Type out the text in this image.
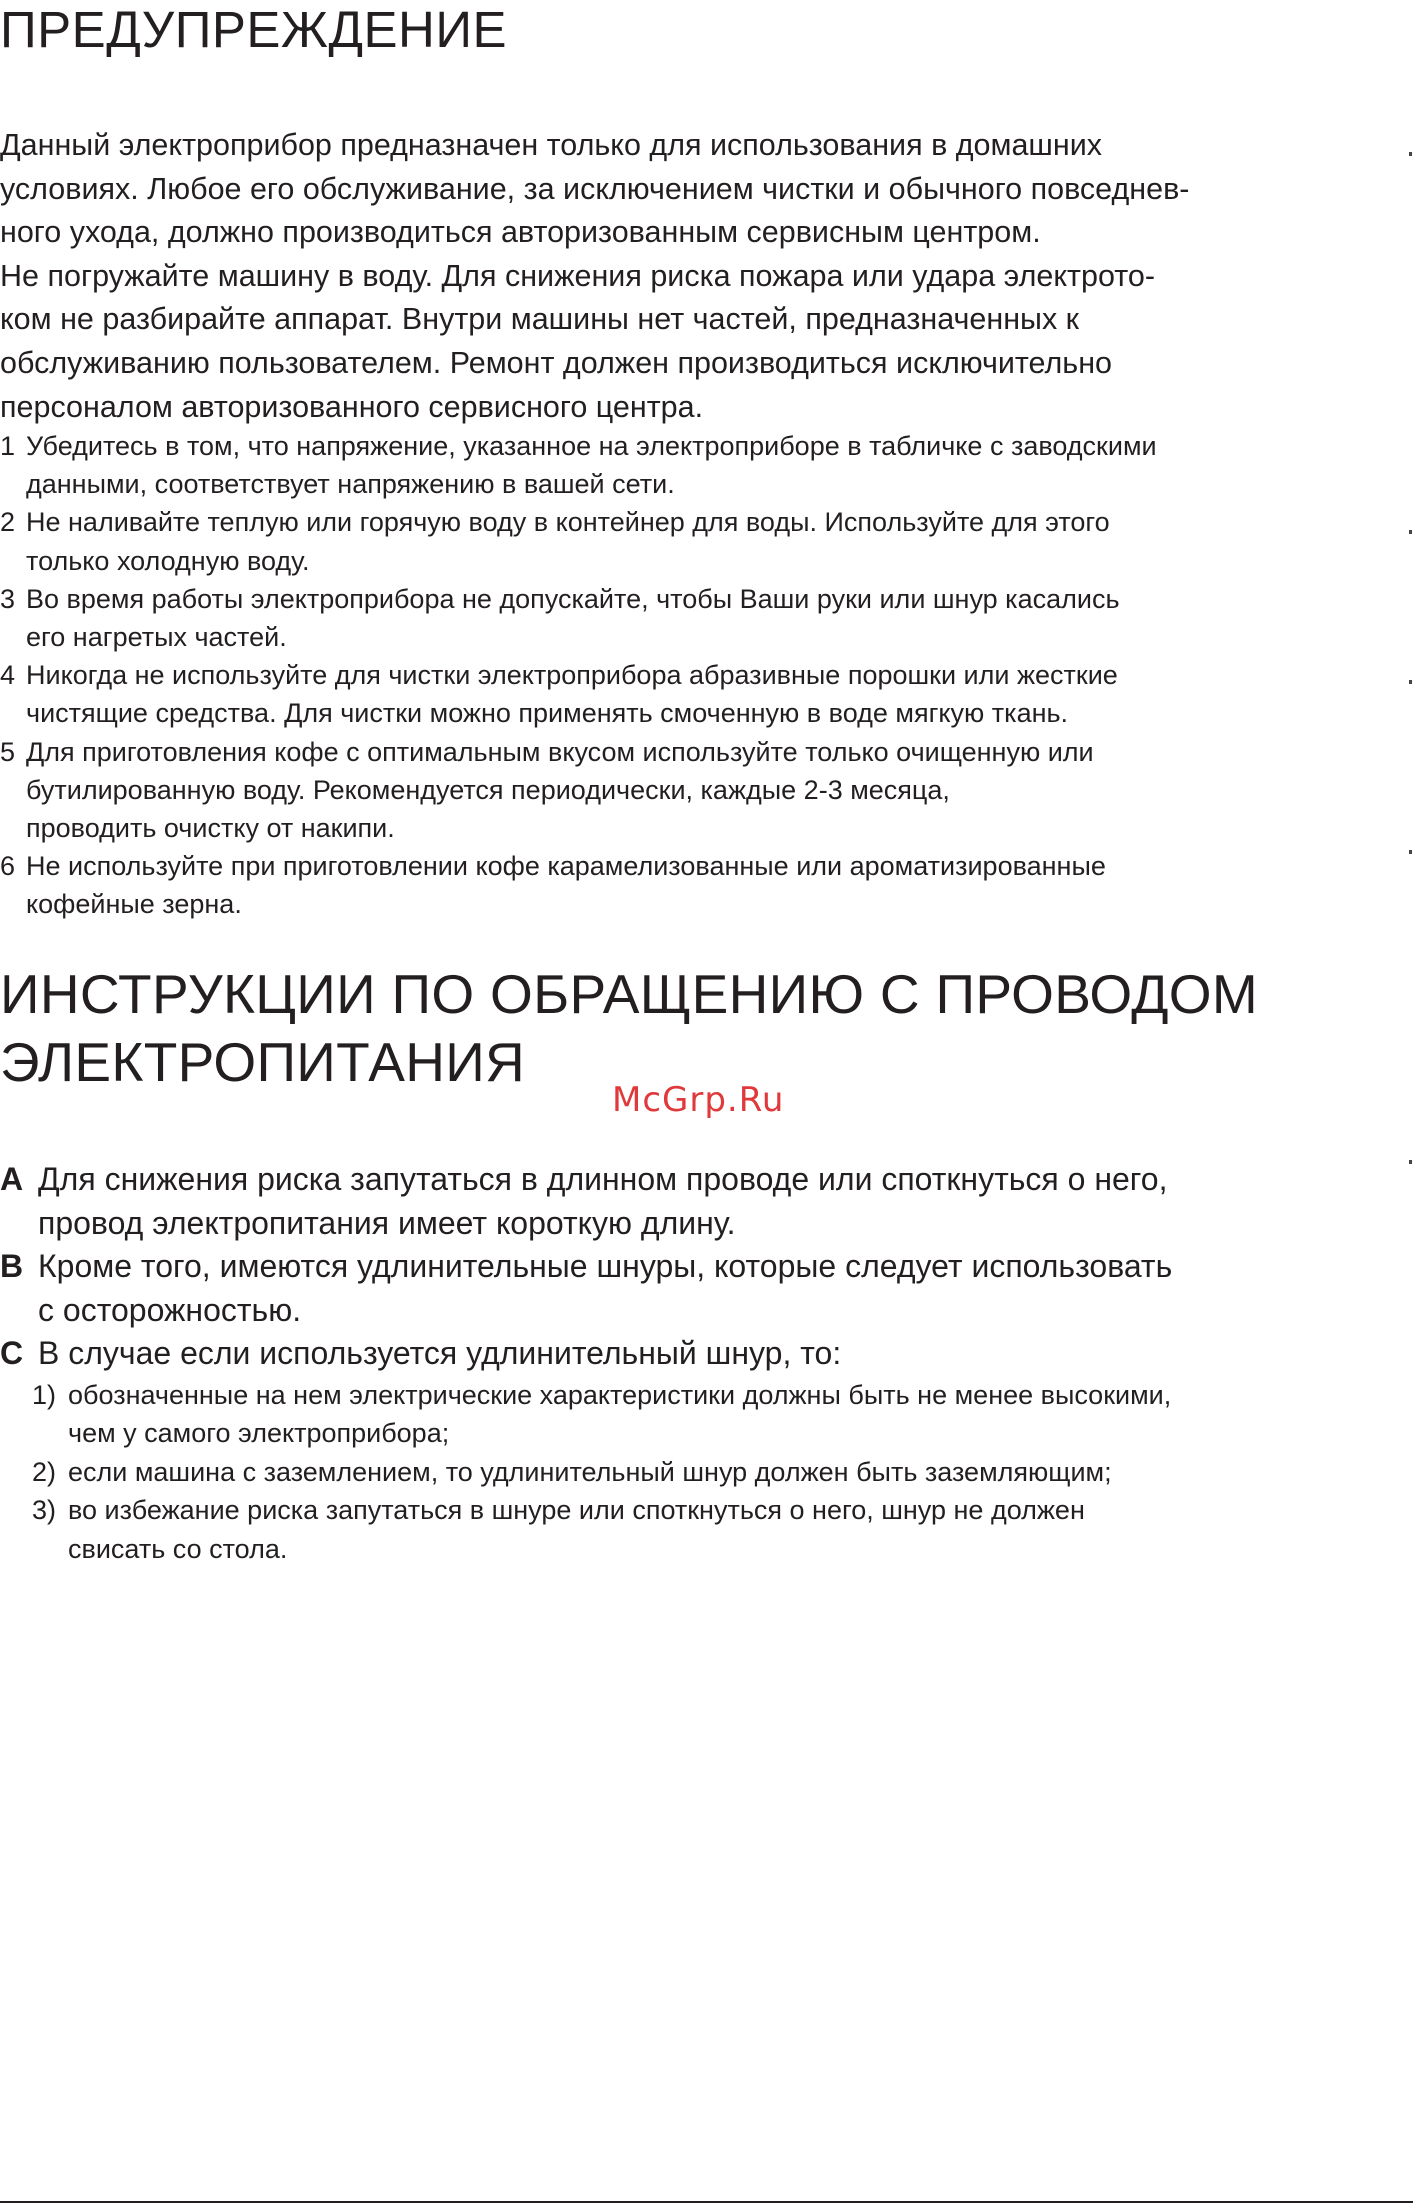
ПРЕДУПРЕЖДЕНИЕ

Данный электроприбор предназначен только для использования в домашних
условиях. Любое его обслуживание, за исключением чистки и обычного повседнев-
ного ухода, должно производиться авторизованным сервисным центром.
Не погружайте машину в воду. Для снижения риска пожара или удара электрото-
ком не разбирайте аппарат. Внутри машины нет частей, предназначенных к
обслуживанию пользователем. Ремонт должен производиться исключительно
персоналом авторизованного сервисного центра.

1 Убедитесь в том, что напряжение, указанное на электроприборе в табличке с заводскими
данными, соответствует напряжению в вашей сети.
2 Не наливайте теплую или горячую воду в контейнер для воды. Используйте для этого
только холодную воду.
3 Во время работы электроприбора не допускайте, чтобы Ваши руки или шнур касались
его нагретых частей.
4 Никогда не используйте для чистки электроприбора абразивные порошки или жесткие
чистящие средства. Для чистки можно применять смоченную в воде мягкую ткань.
5 Для приготовления кофе с оптимальным вкусом используйте только очищенную или
бутилированную воду. Рекомендуется периодически, каждые 2-3 месяца,
проводить очистку от накипи.
6 Не используйте при приготовлении кофе карамелизованные или ароматизированные
кофейные зерна.
ИНСТРУКЦИИ ПО ОБРАЩЕНИЮ С ПРОВОДОМ
ЭЛЕКТРОПИТАНИЯ
McGrp.Ru
A Для снижения риска запутаться в длинном проводе или споткнуться о него,
провод электропитания имеет короткую длину.
B Кроме того, имеются удлинительные шнуры, которые следует использовать
с осторожностью.
C В случае если используется удлинительный шнур, то:
1) обозначенные на нем электрические характеристики должны быть не менее высокими,
чем у самого электроприбора;
2) если машина с заземлением, то удлинительный шнур должен быть заземляющим;
3) во избежание риска запутаться в шнуре или споткнуться о него, шнур не должен
свисать со стола.
